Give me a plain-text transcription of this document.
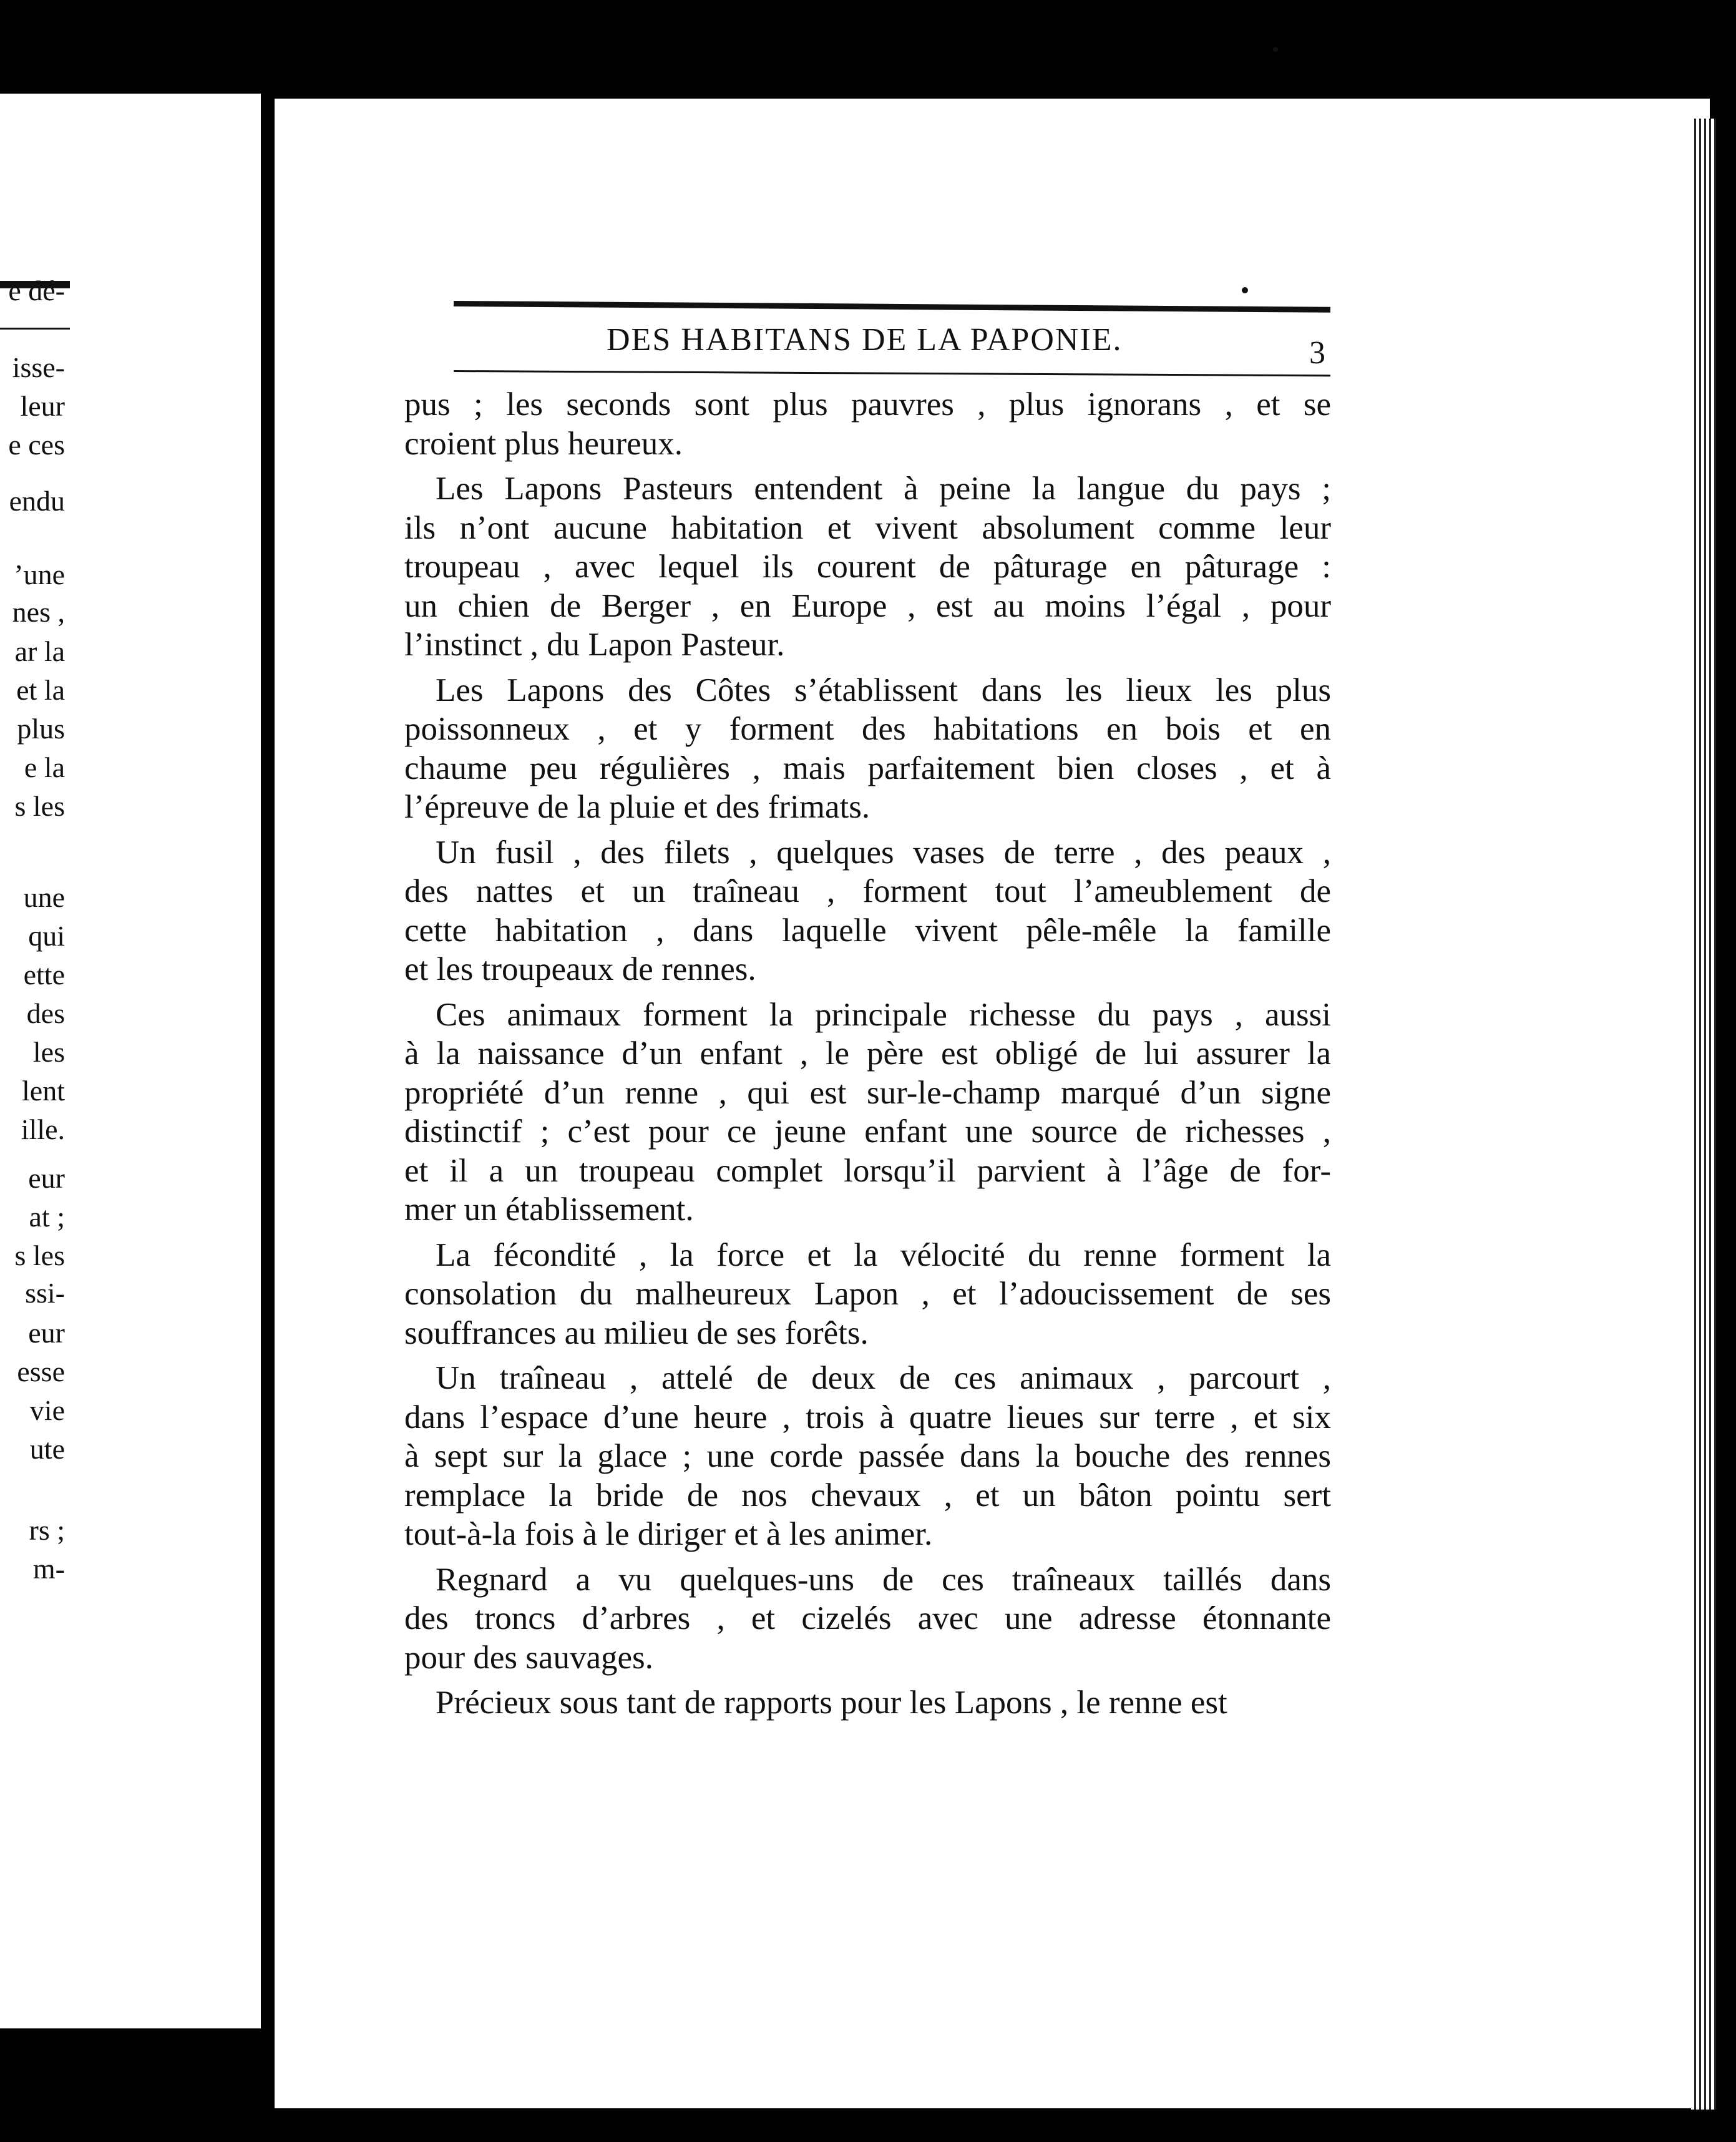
e dé-
isse-
leur
e ces
endu
’une
nes ,
ar la
et la
plus
e la
s les
une
qui
ette
des
les
lent
ille.
eur
at ;
s les
ssi-
eur
esse
vie
ute
rs ;
m-
DES HABITANS DE LA PAPONIE.	3
pus ; les seconds sont plus pauvres , plus ignorans , et se
croient plus heureux.
Les Lapons Pasteurs entendent à peine la langue du pays ;
ils n’ont aucune habitation et vivent absolument comme leur
troupeau , avec lequel ils courent de pâturage en pâturage :
un chien de Berger , en Europe , est au moins l’égal , pour
l’instinct , du Lapon Pasteur.
Les Lapons des Côtes s’établissent dans les lieux les plus
poissonneux , et y forment des habitations en bois et en
chaume peu régulières , mais parfaitement bien closes , et à
l’épreuve de la pluie et des frimats.
Un fusil , des filets , quelques vases de terre , des peaux ,
des nattes et un traîneau , forment tout l’ameublement de
cette habitation , dans laquelle vivent pêle-mêle la famille
et les troupeaux de rennes.
Ces animaux forment la principale richesse du pays , aussi
à la naissance d’un enfant , le père est obligé de lui assurer la
propriété d’un renne , qui est sur-le-champ marqué d’un signe
distinctif ; c’est pour ce jeune enfant une source de richesses ,
et il a un troupeau complet lorsqu’il parvient à l’âge de for-
mer un établissement.
La fécondité , la force et la vélocité du renne forment la
consolation du malheureux Lapon , et l’adoucissement de ses
souffrances au milieu de ses forêts.
Un traîneau , attelé de deux de ces animaux , parcourt ,
dans l’espace d’une heure , trois à quatre lieues sur terre , et six
à sept sur la glace ; une corde passée dans la bouche des rennes
remplace la bride de nos chevaux , et un bâton pointu sert
tout-à-la fois à le diriger et à les animer.
Regnard a vu quelques-uns de ces traîneaux taillés dans
des troncs d’arbres , et cizelés avec une adresse étonnante
pour des sauvages.
Précieux sous tant de rapports pour les Lapons , le renne est
